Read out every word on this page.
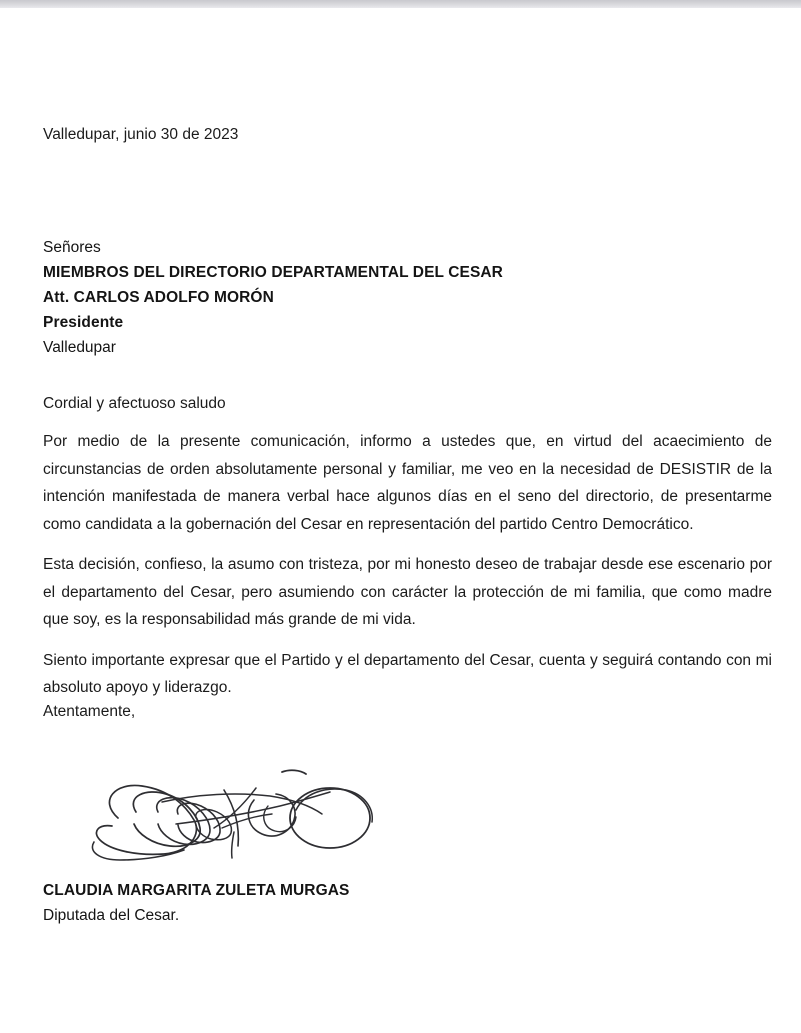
Valledupar, junio 30 de 2023
Señores
MIEMBROS DEL DIRECTORIO DEPARTAMENTAL DEL CESAR
Att. CARLOS ADOLFO MORÓN
Presidente
Valledupar
Cordial y afectuoso saludo

Por medio de la presente comunicación, informo a ustedes que, en virtud del acaecimiento de circunstancias de orden absolutamente personal y familiar, me veo en la necesidad de DESISTIR de la intención manifestada de manera verbal hace algunos días en el seno del directorio, de presentarme como candidata a la gobernación del Cesar en representación del partido Centro Democrático.

Esta decisión, confieso, la asumo con tristeza, por mi honesto deseo de trabajar desde ese escenario por el departamento del Cesar, pero asumiendo con carácter la protección de mi familia, que como madre que soy, es la responsabilidad más grande de mi vida.

Siento importante expresar que el Partido y el departamento del Cesar, cuenta y seguirá contando con mi absoluto apoyo y liderazgo.

Atentamente,
CLAUDIA MARGARITA ZULETA MURGAS
Diputada del Cesar.
